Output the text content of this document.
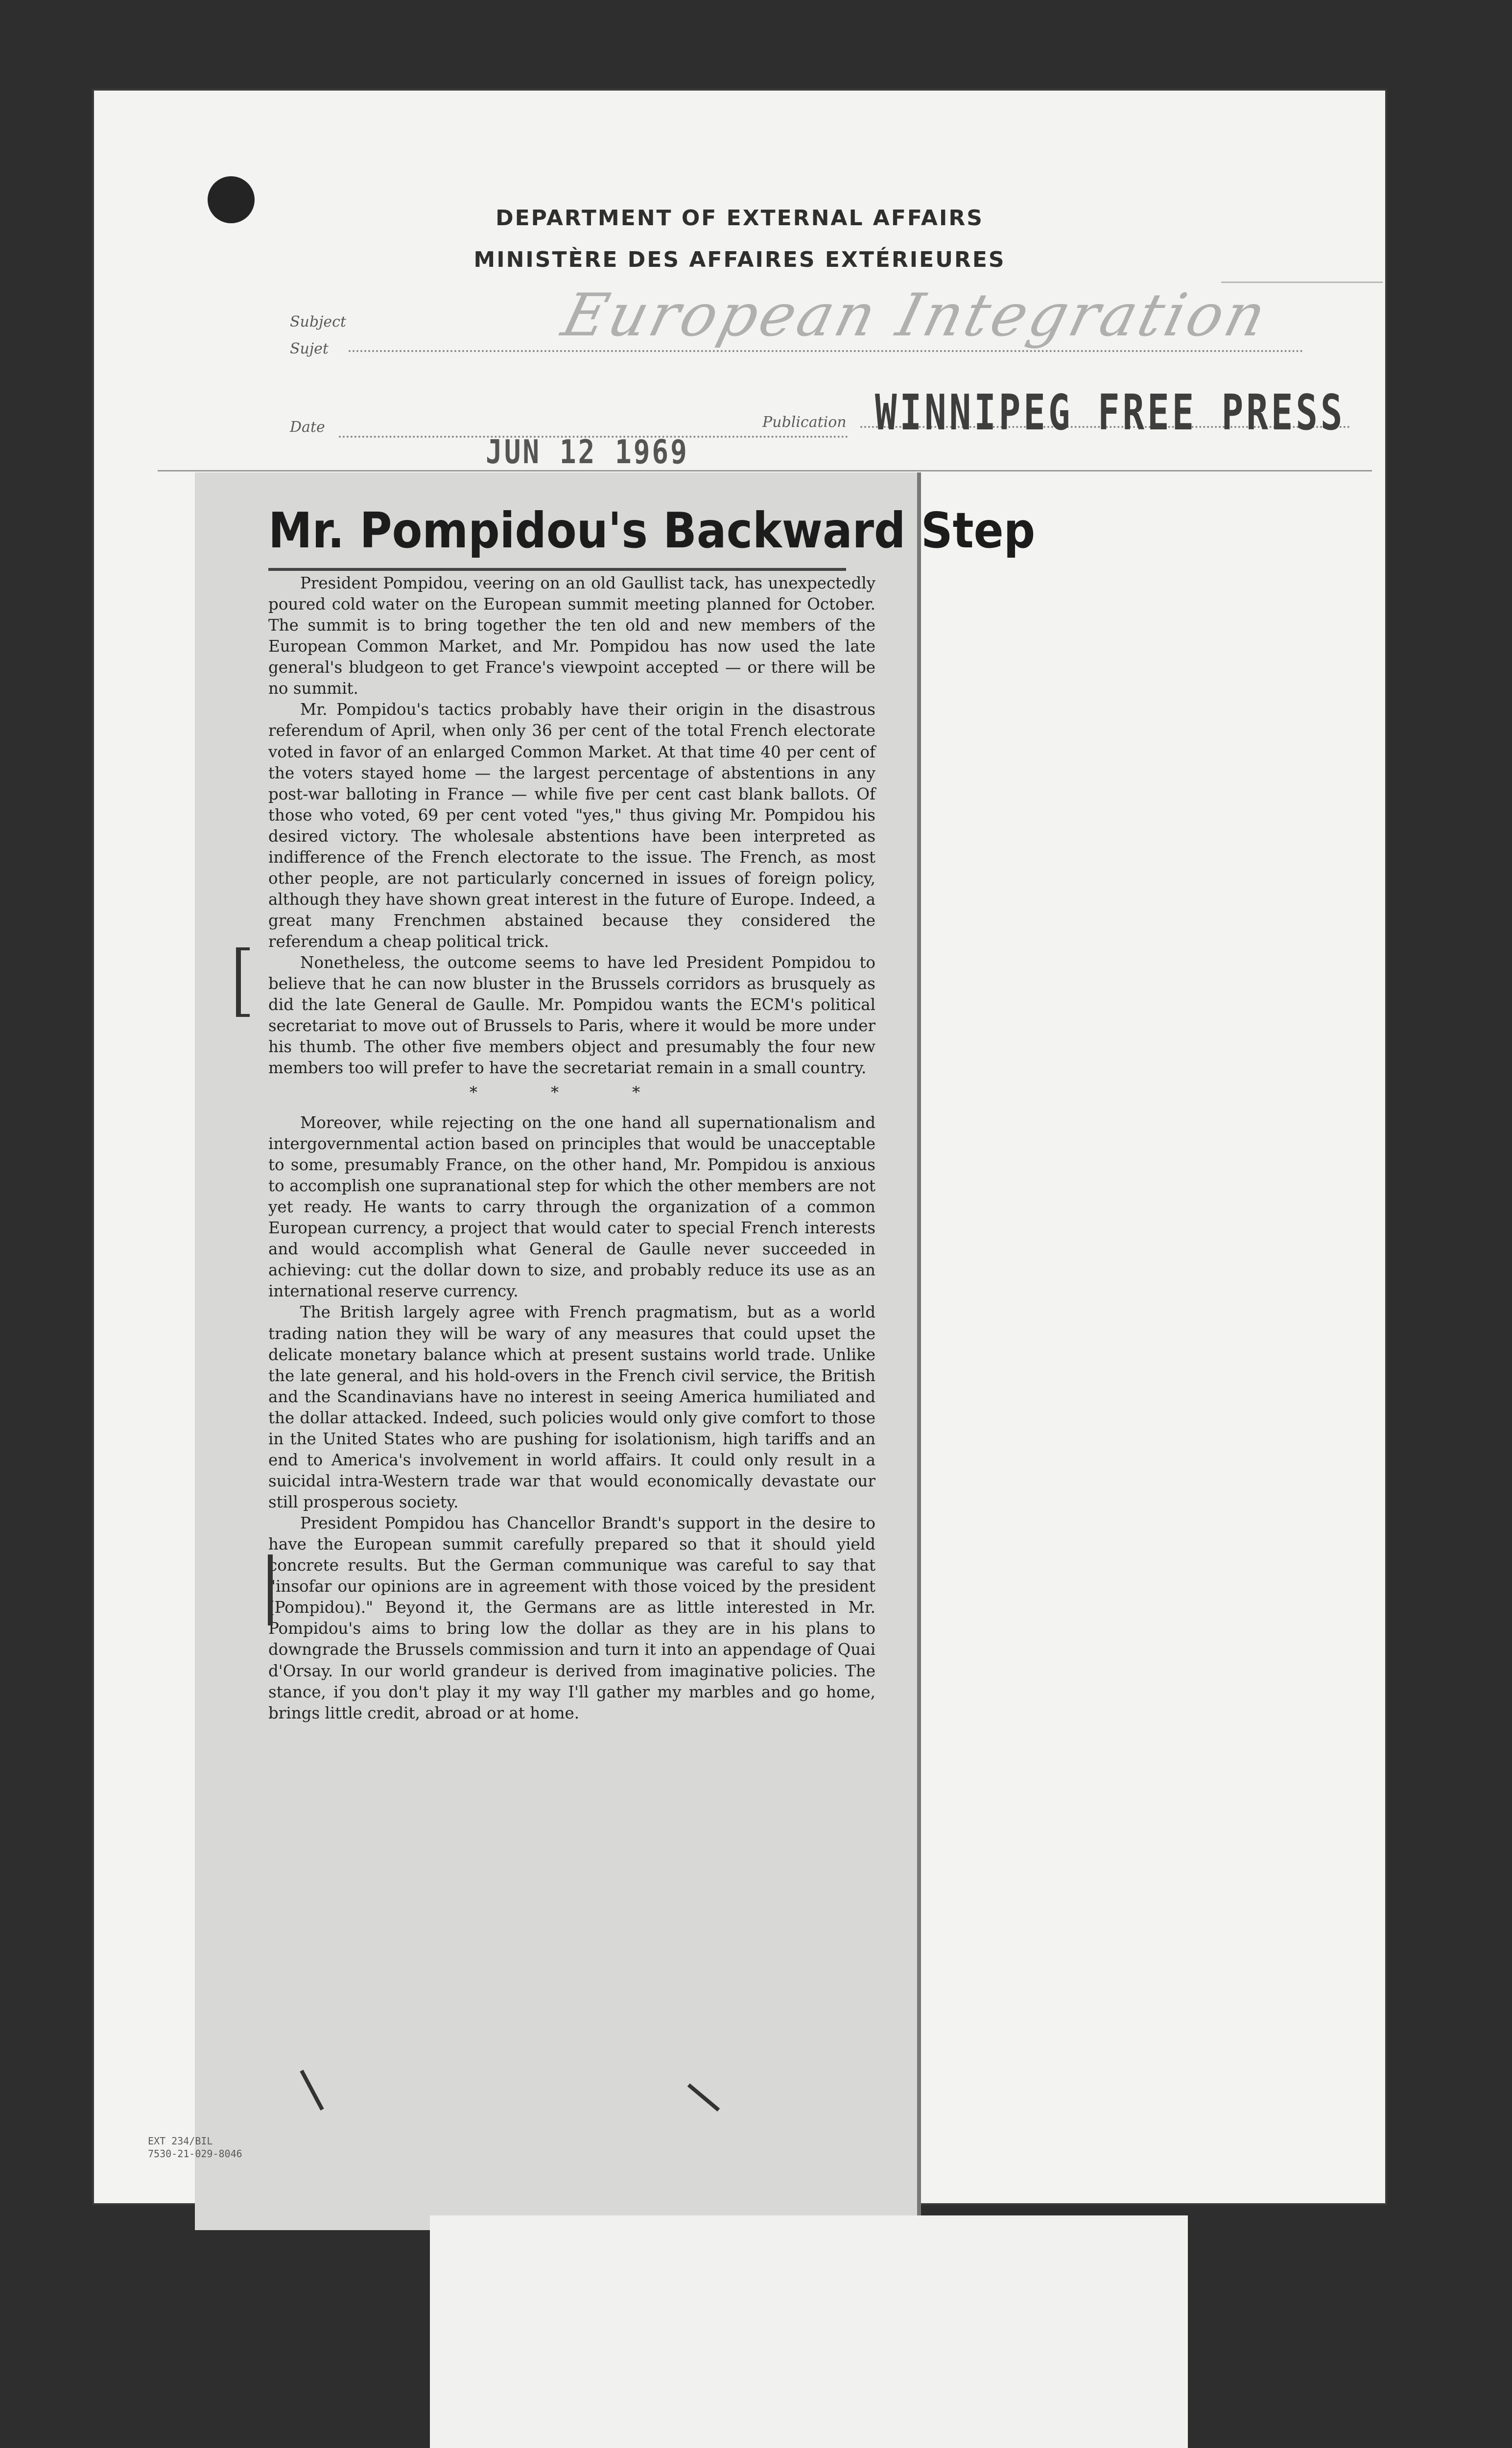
DEPARTMENT OF EXTERNAL AFFAIRS
MINISTÈRE DES AFFAIRES EXTÉRIEURES
Subject
Sujet	European Integration
Date	Publication WINNIPEG FREE PRESS
JUN 12 1969
Mr. Pompidou's Backward Step

President Pompidou, veering on an old Gaullist tack, has unexpectedly poured cold water on the European summit meeting planned for October. The summit is to bring together the ten old and new members of the European Common Market, and Mr. Pompidou has now used the late general's bludgeon to get France's viewpoint accepted — or there will be no summit.

Mr. Pompidou's tactics probably have their origin in the disastrous referendum of April, when only 36 per cent of the total French electorate voted in favor of an enlarged Common Market. At that time 40 per cent of the voters stayed home — the largest percentage of abstentions in any post-war balloting in France — while five per cent cast blank ballots. Of those who voted, 69 per cent voted "yes," thus giving Mr. Pompidou his desired victory. The wholesale abstentions have been interpreted as indifference of the French electorate to the issue. The French, as most other people, are not particularly concerned in issues of foreign policy, although they have shown great interest in the future of Europe. Indeed, a great many Frenchmen abstained because they considered the referendum a cheap political trick.

Nonetheless, the outcome seems to have led President Pompidou to believe that he can now bluster in the Brussels corridors as brusquely as did the late General de Gaulle. Mr. Pompidou wants the ECM's political secretariat to move out of Brussels to Paris, where it would be more under his thumb. The other five members object and presumably the four new members too will prefer to have the secretariat remain in a small country.

* * *

Moreover, while rejecting on the one hand all supernationalism and intergovernmental action based on principles that would be unacceptable to some, presumably France, on the other hand, Mr. Pompidou is anxious to accomplish one supranational step for which the other members are not yet ready. He wants to carry through the organization of a common European currency, a project that would cater to special French interests and would accomplish what General de Gaulle never succeeded in achieving: cut the dollar down to size, and probably reduce its use as an international reserve currency.

The British largely agree with French pragmatism, but as a world trading nation they will be wary of any measures that could upset the delicate monetary balance which at present sustains world trade. Unlike the late general, and his hold-overs in the French civil service, the British and the Scandinavians have no interest in seeing America humiliated and the dollar attacked. Indeed, such policies would only give comfort to those in the United States who are pushing for isolationism, high tariffs and an end to America's involvement in world affairs. It could only result in a suicidal intra-Western trade war that would economically devastate our still prosperous society.

President Pompidou has Chancellor Brandt's support in the desire to have the European summit carefully prepared so that it should yield concrete results. But the German communique was careful to say that "insofar our opinions are in agreement with those voiced by the president (Pompidou)." Beyond it, the Germans are as little interested in Mr. Pompidou's aims to bring low the dollar as they are in his plans to downgrade the Brussels commission and turn it into an appendage of Quai d'Orsay. In our world grandeur is derived from imaginative policies. The stance, if you don't play it my way I'll gather my marbles and go home, brings little credit, abroad or at home.

EXT 234/BIL
7530-21-029-8046
